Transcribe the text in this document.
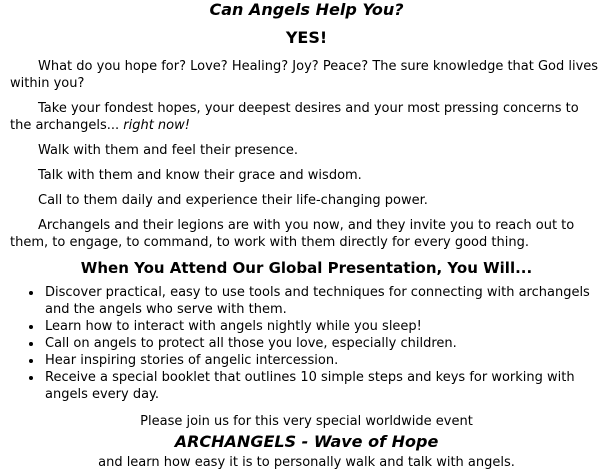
Can Angels Help You?
YES!

What do you hope for? Love? Healing? Joy? Peace? The sure knowledge that God lives within you?

Take your fondest hopes, your deepest desires and your most pressing concerns to the archangels... right now!

Walk with them and feel their presence.

Talk with them and know their grace and wisdom.

Call to them daily and experience their life-changing power.

Archangels and their legions are with you now, and they invite you to reach out to them, to engage, to command, to work with them directly for every good thing.

When You Attend Our Global Presentation, You Will...
• Discover practical, easy to use tools and techniques for connecting with archangels and the angels who serve with them.
• Learn how to interact with angels nightly while you sleep!
• Call on angels to protect all those you love, especially children.
• Hear inspiring stories of angelic intercession.
• Receive a special booklet that outlines 10 simple steps and keys for working with angels every day.
Please join us for this very special worldwide event
ARCHANGELS - Wave of Hope
and learn how easy it is to personally walk and talk with angels.
